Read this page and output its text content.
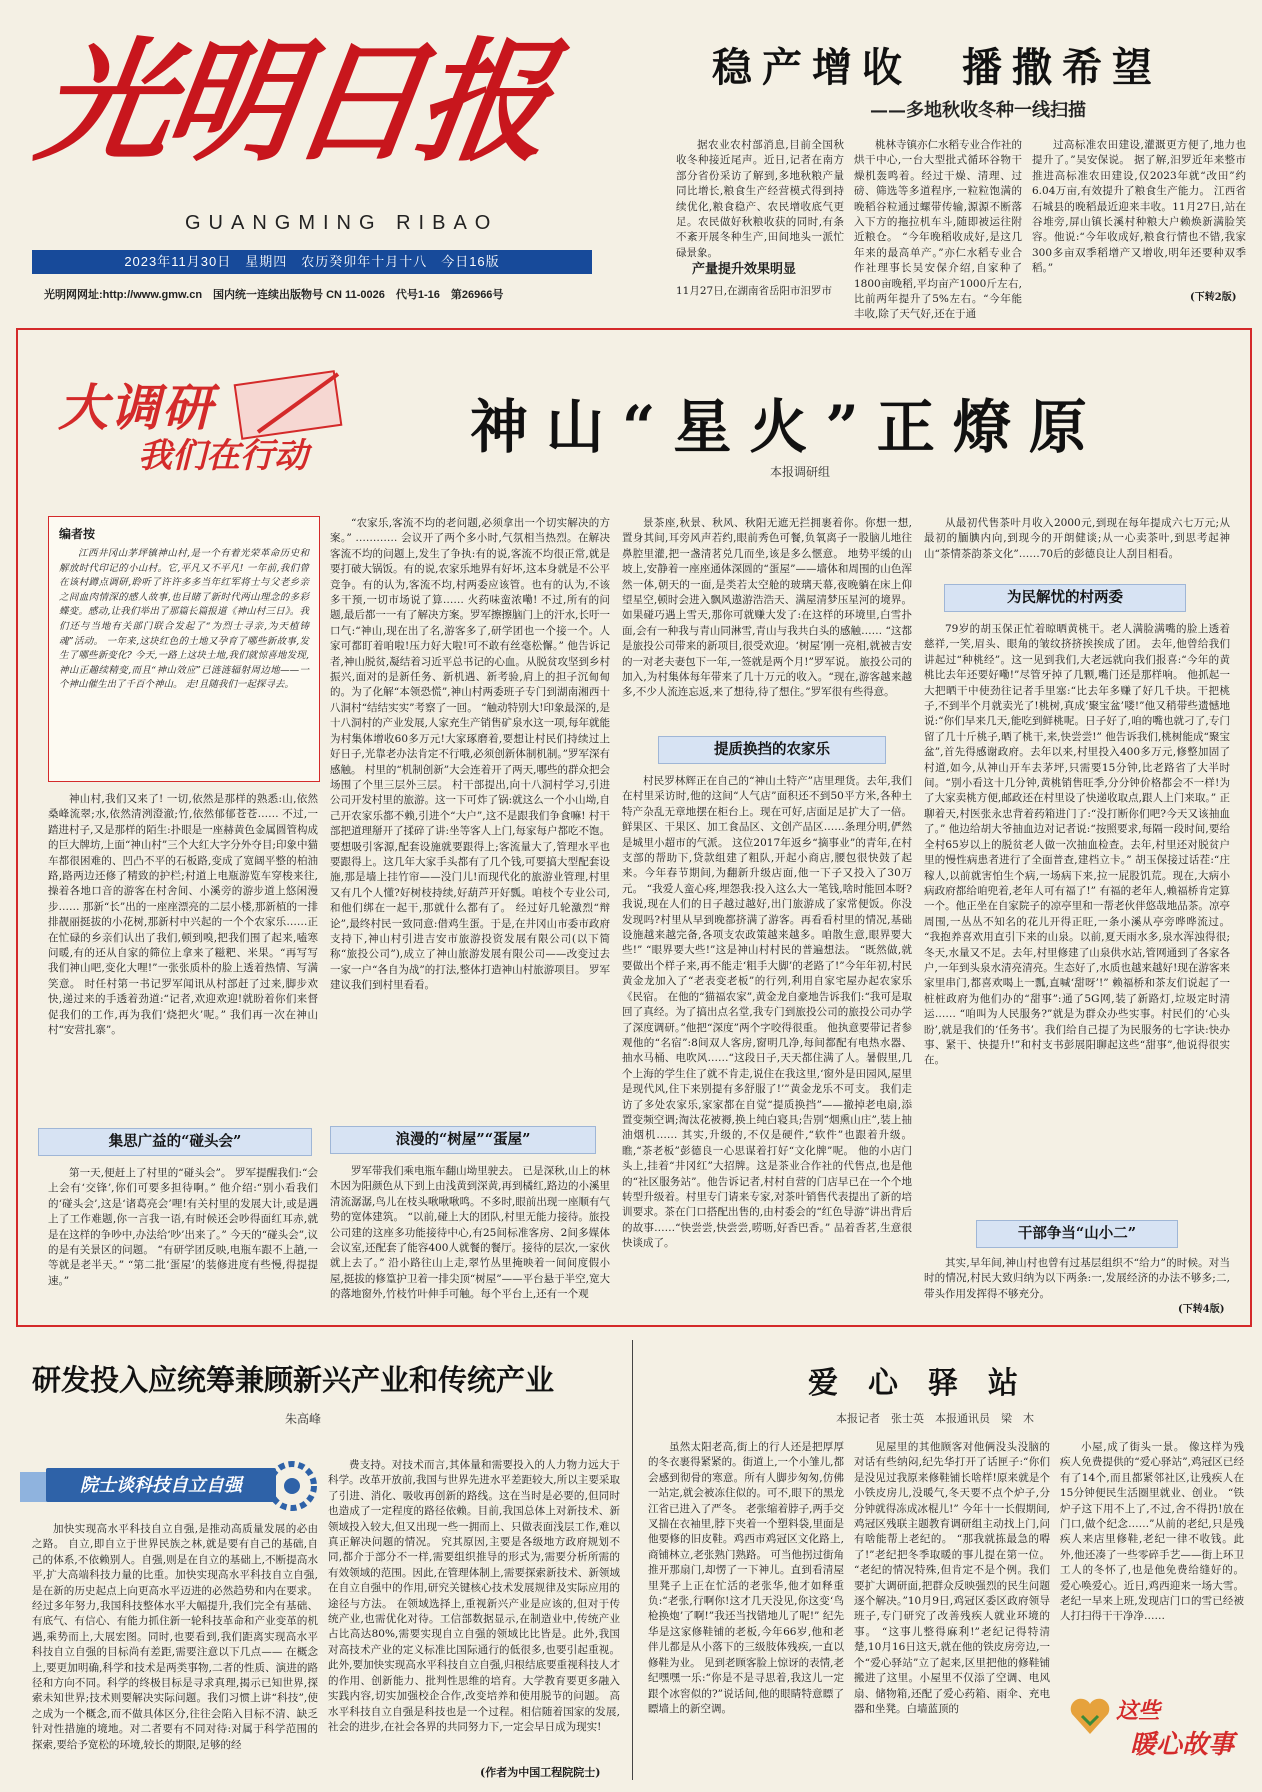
光明日报
GUANGMING RIBAO
2023年11月30日　星期四　农历癸卯年十月十八　今日16版
光明网网址:http://www.gmw.cn　国内统一连续出版物号 CN 11-0026　代号1-16　第26966号
稳产增收　播撒希望
——多地秋收冬种一线扫描

据农业农村部消息,目前全国秋收冬种接近尾声。近日,记者在南方部分省份采访了解到,多地秋粮产量同比增长,粮食生产经营模式得到持续优化,粮食稳产、农民增收底气更足。农民做好秋粮收获的同时,有条不紊开展冬种生产,田间地头一派忙碌景象。

产量提升效果明显
11月27日,在湖南省岳阳市汨罗市

桃林寺镇亦仁水稻专业合作社的烘干中心,一台大型批式循环谷物干燥机轰鸣着。经过干燥、清理、过磅、筛选等多道程序,一粒粒饱满的晚稻谷粒通过螺带传输,源源不断落入下方的拖拉机车斗,随即被运往附近粮仓。 “今年晚稻收成好,是这几年来的最高单产。”亦仁水稻专业合作社理事长吴安保介绍,自家种了1800亩晚稻,平均亩产1000斤左右,比前两年提升了5%左右。“今年能丰收,除了天气好,还在于通

过高标准农田建设,灌溉更方便了,地力也提升了。”吴安保说。 据了解,汨罗近年来整市推进高标准农田建设,仅2023年就“改田”约6.04万亩,有效提升了粮食生产能力。 江西省石城县的晚稻最近迎来丰收。11月27日,站在谷堆旁,屏山镇长溪村种粮大户赖焕新满脸笑容。他说:“今年收成好,粮食行情也不错,我家300多亩双季稻增产又增收,明年还要种双季稻。”

(下转2版)
大调研
我们在行动	神山“星火”正燎原
本报调研组
编者按

江西井冈山茅坪镇神山村,是一个有着光荣革命历史和解放时代印记的小山村。它,平凡又不平凡! 一年前,我们曾在该村蹲点调研,聆听了许许多多当年红军将士与父老乡亲之间血肉情深的感人故事,也目睹了新时代两山理念的多彩蝶变。感动,让我们举出了那篇长篇报道《神山村三日》。我们还与当地有关部门联合发起了“为烈士寻亲,为天植铸魂”活动。 一年来,这块红色的土地又孕育了哪些新故事,发生了哪些新变化? 今天,一路上这块土地,我们就惊喜地发现,神山正趣续精变,而且“神山效应”已涟涟辐射周边地——一个神山催生出了千百个神山。 走!且随我们一起探寻去。

神山村,我们又来了! 一切,依然是那样的熟悉:山,依然桑峰流翠;水,依然清洌澄澈;竹,依然郁郁苍苍…… 不过,一踏进村子,又是那样的陌生:扑眼是一座赫黄色金属圆管构成的巨大牌坊,上面“神山村”三个大红大字分外夺目;印象中猫车都很困难的、凹凸不平的石板路,变成了宽阔平整的柏油路,路两边还修了精致的护栏;村道上电瓶游览车穿梭来往,操着各地口音的游客在村舍间、小溪旁的游步道上悠闲漫步…… 那新“长”出的一座座漂亮的二层小楼,那新植的一排排靓丽挺拔的小花树,那新村中兴起的一个个农家乐……正在忙碌的乡亲们认出了我们,顿到嗅,把我们围了起来,嗑寒问暖,有的还从自家的筛位上拿来了糍粑、米果。“再写写我们神山吧,变化大哩!”一张张质朴的脸上透着热情、写满笑意。 时任村第一书记罗军闻讯从村部赶了过来,脚步欢快,递过来的手透着劲道:“记者,欢迎欢迎!就盼着你们来督促我们的工作,再为我们‘烧把火’呢。” 我们再一次在神山村“安营扎寨”。

集思广益的“碰头会”

第一天,便赶上了村里的“碰头会”。 罗军提醒我们:“会上会有‘交锋’,你们可要多担待啊。” 他介绍:“别小看我们的‘碰头会’,这是‘诸葛亮会’哩!有关村里的发展大计,或是遇上了工作难题,你一言我一语,有时候还会吵得面红耳赤,就是在这样的争吵中,办法给‘吵’出来了。” 今天的“碰头会”,议的是有关景区的问题。 “有研学团反映,电瓶车跟不上趟,一等就是老半天。” “第二批‘蛋屋’的装修进度有些慢,得提提速。”

“农家乐,客流不均的老问题,必须拿出一个切实解决的方案。” ………… 会议开了两个多小时,气氛相当热烈。在解决客流不均的问题上,发生了争执:有的说,客流不均很正常,就是要打破大锅饭。有的说,农家乐地界有好坏,这本身就是不公平竞争。有的认为,客流不均,村两委应该管。也有的认为,不该多干预,一切市场说了算…… 火药味蛮浓嘞! 不过,所有的问题,最后都一一有了解决方案。罗军擦擦脑门上的汗水,长吁一口气:“神山,现在出了名,游客多了,研学团也一个接一个。人家可都盯着咱啦!压力好大啦!可不敢有丝毫松懈。” 他告诉记者,神山脱贫,凝结着习近平总书记的心血。从脱贫攻坚到乡村振兴,面对的是新任务、新机遇、新考验,肩上的担子沉甸甸的。为了化解“本领恐慌”,神山村两委班子专门到湖南湘西十八洞村“结结实实”考察了一回。 “触动特别大!印象最深的,是十八洞村的产业发展,人家充生产销售矿泉水这一项,每年就能为村集体增收60多万元!大家琢磨着,要想让村民们持续过上好日子,光靠老办法肯定不行哦,必须创新体制机制。”罗军深有感触。 村里的“机制创新”大会连着开了两天,哪些的群众把会场围了个里三层外三层。 村干部提出,向十八洞村学习,引进公司开发村里的旅游。这一下可炸了锅:就这么一个小山坳,自己开农家乐都不赖,引进个“大户”,这不是跟我们争食嘛! 村干部把道理掰开了揉碎了讲:坐等客人上门,每家每户都吃不饱。要想吸引客源,配套设施就要跟得上;客流量大了,管理水平也要跟得上。这几年大家手头都有了几个钱,可要搞大型配套设施,那是墙上挂竹帘——没门儿!而现代化的旅游业管理,村里又有几个人懂?好树枝持续,好葫芦开好瓢。咱枝个专业公司,和他们绑在一起干,那就什么都有了。 经过好几轮激烈“辩论”,最终村民一致同意:借鸡生蛋。于是,在井冈山市委市政府支持下,神山村引进吉安市旅游投资发展有限公司(以下简称“旅投公司”),成立了神山旅游发展有限公司——改变过去一家一户“各自为战”的打法,整体打造神山村旅游项目。 罗军建议我们到村里看看。

浪漫的“树屋”“蛋屋”

罗军带我们乘电瓶车翻山坳里驶去。 已是深秋,山上的林木因为阳颜色从下到上由浅黄到深黄,再到橘红,路边的小溪里清流潺潺,鸟儿在枝头啾啾啾鸣。不多时,眼前出现一座顺有气势的宽体建筑。 “以前,碰上大的团队,村里无能力接待。旅投公司建的这座多功能接待中心,有25间标准客房、2间多媒体会议室,还配套了能容400人就餐的餐厅。接待的层次,一家伙就上去了。” 沿小路往山上走,翠竹丛里掩映着一间间度假小屋,挺拔的修篁护卫着一排尖顶“树屋”——平台悬于半空,宽大的落地窗外,竹枝竹叶伸手可触。每个平台上,还有一个观

景茶座,秋景、秋风、秋阳无遮无拦拥裹着你。你想一想,置身其间,耳旁风声若约,眼前秀色可餐,负氧离子一股脑儿地往鼻腔里灌,把一盏清茗兑几而坐,该是多么惬意。 地势平缓的山坡上,安静着一座座通体深圆的“蛋屋”——墙体和周围的山色浑然一体,朝天的一面,是类若太空舱的玻璃天幕,夜晚躺在床上仰望星空,顿时会进入飘风遨游浩浩天、满屋清梦压星河的境界。如果碰巧遇上雪天,那你可就赚大发了:在这样的环境里,白雪扑面,会有一种我与青山同淋雪,青山与我共白头的感触…… “这都是旅投公司带来的新项目,很受欢迎。‘树屋’刚一亮相,就被吉安的一对老夫妻包下一年,一签就是两个月!”罗军说。 旅投公司的加入,为村集体每年带来了几十万元的收入。“现在,游客越来越多,不少人流连忘返,来了想待,待了想住。”罗军很有些得意。

提质换挡的农家乐

村民罗林辉正在自己的“神山土特产”店里理货。去年,我们在村里采访时,他的这间“人气店”面积还不到50平方米,各种土特产杂乱无章地摆在柜台上。现在可好,店面足足扩大了一倍。鲜果区、干果区、加工食品区、文创产品区……条理分明,俨然是城里小超市的气派。 这位2017年返乡“摘事业”的青年,在村支部的帮助下,贷款组建了粗队,开起小商店,腰包很快鼓了起来。今年春节期间,为翻新升级店面,他一下子又投入了30万元。 “我爱人蛮心疼,埋怨我:投入这么大一笔钱,啥时能回本呀?我说,现在人们的日子越过越好,出门旅游成了家常便饭。你没发现吗?村里从早到晚都挤满了游客。再看看村里的情况,基础设施越来越完备,各项支农政策越来越多。咱散生意,眼界要大些!” “眼界要大些!”这是神山村村民的普遍想法。 “既然做,就要做出个样子来,再不能走‘粗手大脚’的老路了!”今年年初,村民黄金龙加入了“老表变老板”的行列,利用自家宅屋办起农家乐《民宿。 在他的“猫福农家”,黄金龙自豪地告诉我们:“我可是取回了真经。为了搞出点名堂,我专门到旅投公司的旅投公司办学了深度调研。”他把“深度”两个字咬得很重。 他执意要带记者参观他的“名宿”:8间双人客房,窗明几净,每间都配有电热水器、抽水马桶、电吹风……“这段日子,天天都住满了人。暑假里,几个上海的学生住了就不肯走,说住在我这里,‘窗外是田园风,屋里是现代风,住下来别提有多舒服了!’”黄金龙乐不可支。 我们走访了多处农家乐,家家都在自觉“提质换挡”——撤掉老电扇,添置变频空调;淘汰花被褥,换上纯白寝具;告别“烟熏山庄”,装上抽油烟机…… 其实,升级的,不仅是硬件,“软件”也跟着升级。瞧,“茶老板”彭德良一心思谋着打好“文化牌”呢。 他的小店门头上,挂着“井冈红”大招牌。这是茶业合作社的代售点,也是他的“社区服务站”。他告诉记者,村村自营的门店早已在一个个地转型升级着。村里专门请来专家,对茶叶销售代表提出了新的培训要求。茶在门口搭配出售的,由村委会的“红色导游”讲出背后的故事……“快尝尝,快尝尝,唠呖,好香巴香。” 品着香茗,生意很快谈成了。

从最初代售茶叶月收入2000元,到现在每年提成六七万元;从最初的腼腆内向,到现今的开朗健谈;从一心卖茶叶,到思考起神山“茶情茶韵茶文化”……70后的彭德良让人刮目相看。

为民解忧的村两委

79岁的胡玉保正忙着晾晒黄桃干。老人满脸满嘴的脸上透着慈祥,一笑,眉头、眼角的皱纹挤挤挨挨成了团。 去年,他曾给我们讲起过“种桃经”。这一见到我们,大老远就向我们报喜:“今年的黄桃比去年还要好嘞!”尽管牙掉了几颗,嘴门还是那样响。 他抓起一大把晒干中使劲往记者手里塞:“比去年多赚了好几千块。干把桃子,不到半个月就卖光了!桃树,真成‘聚宝盆’喽!”他又稍带些遗憾地说:“你们早来几天,能吃到鲜桃呢。日子好了,咱的嘴也就刁了,专门留了几十斤桃子,晒了桃干,来,快尝尝!” 他告诉我们,桃树能成“聚宝盆”,首先得感谢政府。去年以来,村里投入400多万元,修整加固了村道,如今,从神山开车去茅坪,只需要15分钟,比老路省了大半时间。“别小看这十几分钟,黄桃销售旺季,分分钟价格都会不一样!为了大家卖桃方便,邮政还在村里设了快递收取点,跟人上门来取。” 正聊着天,村医张永忠背着药箱进门了:“没打断你们吧?今天又该抽血了。” 他边给胡大爷抽血边对记者说:“按照要求,每隔一段时间,要给全村65岁以上的脱贫老人做一次抽血检查。去年,村里还对脱贫户里的慢性病患者进行了全面普查,建档立卡。” 胡玉保接过话茬:“庄稼人,以前就害怕生个病,一场病下来,拉一屁股饥荒。现在,大病小病政府都给咱兜着,老年人可有福了!” 有福的老年人,赖福桥肯定算一个。他正坐在自家院子的凉亭里和一帮老伙伴悠哉地品茶。凉亭周围,一丛丛不知名的花儿开得正旺,一条小溪从亭旁哗哗流过。 “我抱养喜欢用直引下来的山泉。以前,夏天雨水多,泉水浑浊得很;冬天,水量又不足。去年,村里修建了山泉供水站,管网通到了各家各户,一年到头泉水清亮清亮。生态好了,水质也越来越好!现在游客来家里串门,都喜欢喝上一瓢,直喊‘甜呀’!” 赖福桥和茶友们说起了一桩桩政府为他们办的“甜事”:通了5G网,装了新路灯,垃圾定时清运…… “咱叫为人民服务?”就是为群众办些实事。村民们的‘心头盼’,就是我们的‘任务书’。我们给自己提了为民服务的七字诀:快办事、紧干、快提升!”和村支书彭展阳聊起这些“甜事”,他说得很实在。

干部争当“山小二”

其实,早年间,神山村也曾有过基层组织不“给力”的时候。对当时的情况,村民大致归纳为以下两条:一,发展经济的办法不够多;二,带头作用发挥得不够充分。

(下转4版)
研发投入应统筹兼顾新兴产业和传统产业
朱高峰
院士谈科技自立自强

加快实现高水平科技自立自强,是推动高质量发展的必由之路。 自立,即自立于世界民族之林,就是要有自己的基础,自己的体系,不依赖别人。自强,则是在自立的基础上,不断提高水平,扩大高端科技力量的比重。加快实现高水平科技自立自强,是在新的历史起点上向更高水平迈进的必然趋势和内在要求。 经过多年努力,我国科技整体水平大幅提升,我们完全有基础、有底气、有信心、有能力抓住新一轮科技革命和产业变革的机遇,乘势而上,大展宏图。同时,也要看到,我们距离实现高水平科技自立自强的目标尚有差距,需要注意以下几点—— 在概念上,要更加明确,科学和技术是两类事物,二者的性质、演进的路径和方向不同。科学的终极目标是寻求真理,揭示已知世界,探索未知世界;技术则要解决实际问题。我们习惯上讲“科技”,使之成为一个概念,而不做具体区分,往往会陷入目标不清、缺乏针对性措施的境地。对二者要有不同对待:对属于科学范围的探索,要给予宽松的环境,较长的期限,足够的经

费支持。对技术而言,其体量和需要投入的人力物力远大于科学。改革开放前,我国与世界先进水平差距较大,所以主要采取了引进、消化、吸收再创新的路线。这在当时是必要的,但同时也造成了一定程度的路径依赖。目前,我国总体上对新技术、新领域投入较大,但又出现一些一拥而上、只做表面浅层工作,难以真正解决问题的情况。 究其原因,主要是各级地方政府规划不同,都介于部分不一样,需要组织推导的形式为,需要分析所需的有效领域的范围。因此,在管理体制上,需要探索新技术、新领域在自立自强中的作用,研究关键核心技术发展规律及实际应用的途径与方法。 在领域选择上,重视新兴产业是应该的,但对于传统产业,也需优化对待。工信部数据显示,在制造业中,传统产业占比高达80%,需要实现自立自强的领域比比皆是。此外,我国对高技术产业的定义标准比国际通行的低很多,也要引起重视。 此外,要加快实现高水平科技自立自强,归根结底要重视科技人才的作用、创新能力、批判性思维的培育。大学教育要更多融入实践内容,切实加强校企合作,改变培养和使用脱节的问题。 高水平科技自立自强是科技也是一个过程。相信随着国家的发展,社会的进步,在社会各界的共同努力下,一定会早日成为现实!

(作者为中国工程院院士)
爱心驿站
本报记者　张士英　本报通讯员　梁　木

虽然太阳老高,街上的行人还是把厚厚的冬衣裹得紧紧的。街道上,一个小雏儿,都会感到彻骨的寒意。所有人脚步匆匆,仿佛一站定,就会被冻住似的。可不,眼下的黑龙江省已进入了严冬。 老张缩着脖子,两手交叉揣在衣袖里,脖下夹着一个塑料袋,里面是他要修的旧皮鞋。鸡西市鸡冠区文化路上,商铺林立,老张熟门熟路。 可当他拐过街角推开那扇门,却愣了一下神儿。直到看清屋里凳子上正在忙活的老张华,他才如释重负:“老张,行啊你!这才几天没见,你这变‘鸟枪换炮’了啊!”我还当找错地儿了呢!” 纪先华是这家修鞋铺的老板,今年66岁,他和老伴儿都是从小落下的三级肢体残疾,一直以修鞋为业。 见到老顾客脸上惊讶的表情,老纪嘿嘿一乐:“你是不是寻思着,我这儿一定跟个冰窖似的?”说话间,他的眼睛特意瞟了瞟墙上的新空调。

见屋里的其他顾客对他俩没头没脑的对话有些纳闷,纪先华打开了话匣子:“你们是没见过我原来修鞋铺长啥样!原来就是个小铁皮房儿,没暖气,冬天要不点个炉子,分分钟就得冻成冰棍儿!” 今年十一长假期间,鸡冠区残联主题教育调研组主动找上门,问有啥能帮上老纪的。 “那我就拣最急的嘚了!”老纪把冬季取暖的事儿提在第一位。 “老纪的情况特殊,但肯定不是个例。我们要扩大调研面,把群众反映强烈的民生问题逐个解决。”10月9日,鸡冠区委区政府领导班子,专门研究了改善残疾人就业环境的事。 “这事儿整得麻利!”老纪记得特清楚,10月16日这天,就在他的铁皮房旁边,一个“爱心驿站”立了起来,区里把他的修鞋铺搬进了这里。小屋里不仅添了空调、电风扇、储物箱,还配了爱心药箱、雨伞、充电器和坐凳。白墙蓝顶的

小屋,成了街头一景。 像这样为残疾人免费提供的“爱心驿站”,鸡冠区已经有了14个,而且都紧邻社区,让残疾人在15分钟便民生活圈里就业、创业。 “铁炉子这下用不上了,不过,舍不得扔!放在门口,做个纪念……”从前的老纪,只是残疾人来店里修鞋,老纪一律不收钱。此外,他还凑了一些零碎手艺——街上环卫工人的冬怀了,也是他免费给缝好的。 爱心唤爱心。近日,鸡西迎来一场大雪。老纪一早来上班,发现店门口的雪已经被人打扫得干干净净……

这些
暖心故事
